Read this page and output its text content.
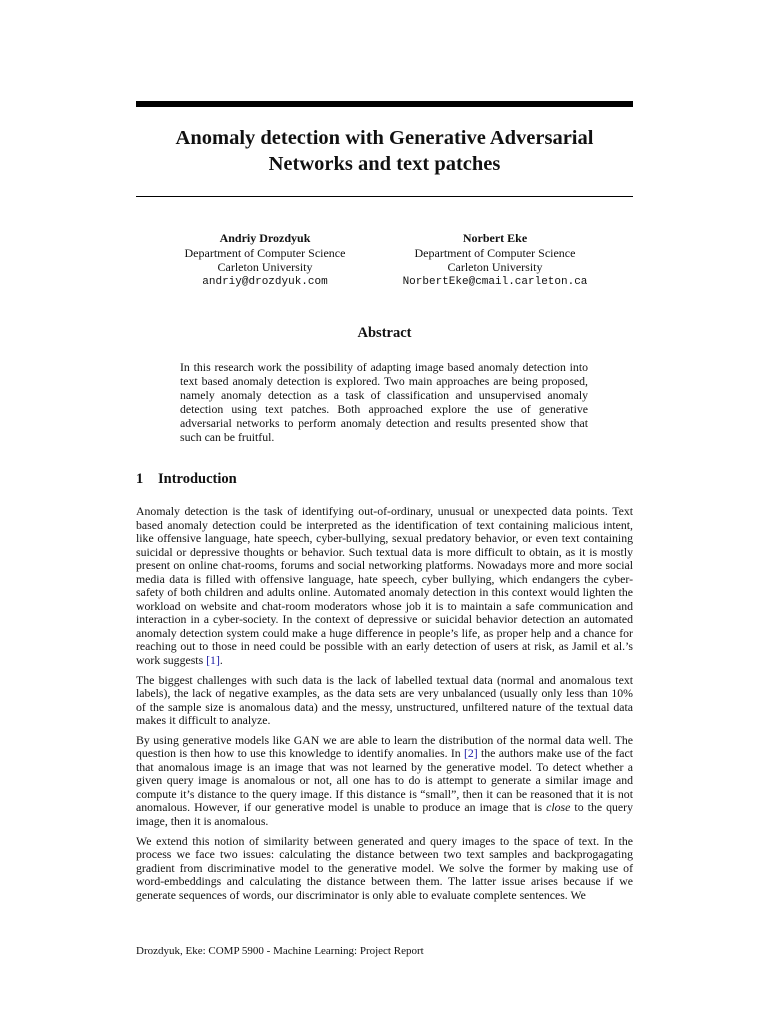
Anomaly detection with Generative Adversarial Networks and text patches
Andriy Drozdyuk
Department of Computer Science
Carleton University
andriy@drozdyuk.com
Norbert Eke
Department of Computer Science
Carleton University
NorbertEke@cmail.carleton.ca
Abstract
In this research work the possibility of adapting image based anomaly detection into text based anomaly detection is explored. Two main approaches are being proposed, namely anomaly detection as a task of classification and unsupervised anomaly detection using text patches. Both approached explore the use of generative adversarial networks to perform anomaly detection and results presented show that such can be fruitful.
1 Introduction

Anomaly detection is the task of identifying out-of-ordinary, unusual or unexpected data points. Text based anomaly detection could be interpreted as the identification of text containing malicious intent, like offensive language, hate speech, cyber-bullying, sexual predatory behavior, or even text containing suicidal or depressive thoughts or behavior. Such textual data is more difficult to obtain, as it is mostly present on online chat-rooms, forums and social networking platforms. Nowadays more and more social media data is filled with offensive language, hate speech, cyber bullying, which endangers the cyber-safety of both children and adults online. Automated anomaly detection in this context would lighten the workload on website and chat-room moderators whose job it is to maintain a safe communication and interaction in a cyber-society. In the context of depressive or suicidal behavior detection an automated anomaly detection system could make a huge difference in people’s life, as proper help and a chance for reaching out to those in need could be possible with an early detection of users at risk, as Jamil et al.’s work suggests [1].

The biggest challenges with such data is the lack of labelled textual data (normal and anomalous text labels), the lack of negative examples, as the data sets are very unbalanced (usually only less than 10% of the sample size is anomalous data) and the messy, unstructured, unfiltered nature of the textual data makes it difficult to analyze.

By using generative models like GAN we are able to learn the distribution of the normal data well. The question is then how to use this knowledge to identify anomalies. In [2] the authors make use of the fact that anomalous image is an image that was not learned by the generative model. To detect whether a given query image is anomalous or not, all one has to do is attempt to generate a similar image and compute it’s distance to the query image. If this distance is “small”, then it can be reasoned that it is not anomalous. However, if our generative model is unable to produce an image that is close to the query image, then it is anomalous.

We extend this notion of similarity between generated and query images to the space of text. In the process we face two issues: calculating the distance between two text samples and backprogagating gradient from discriminative model to the generative model. We solve the former by making use of word-embeddings and calculating the distance between them. The latter issue arises because if we generate sequences of words, our discriminator is only able to evaluate complete sentences. We

Drozdyuk, Eke: COMP 5900 - Machine Learning: Project Report
